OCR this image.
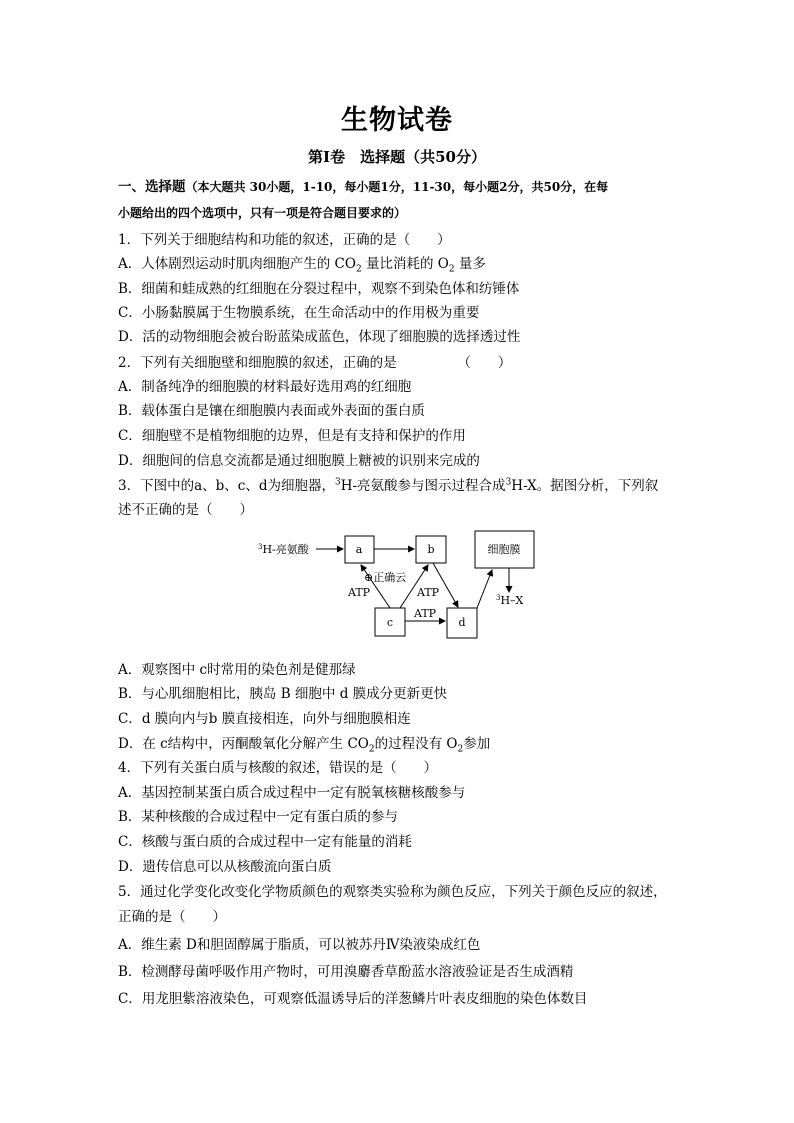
生物试卷
第Ⅰ卷　选择题（共50分）
一、选择题（本大题共 30小题，1-10，每小题1分，11-30，每小题2分，共50分，在每
小题给出的四个选项中，只有一项是符合题目要求的）
1．下列关于细胞结构和功能的叙述，正确的是（　　）
A．人体剧烈运动时肌肉细胞产生的 $CO_2$ 量比消耗的 $O_2$ 量多
B．细菌和蛙成熟的红细胞在分裂过程中，观察不到染色体和纺锤体
C．小肠黏膜属于生物膜系统，在生命活动中的作用极为重要
D．活的动物细胞会被台盼蓝染成蓝色，体现了细胞膜的选择透过性
2．下列有关细胞壁和细胞膜的叙述，正确的是　　　　　（　　）
A．制备纯净的细胞膜的材料最好选用鸡的红细胞
B．载体蛋白是镶在细胞膜内表面或外表面的蛋白质
C．细胞壁不是植物细胞的边界，但是有支持和保护的作用
D．细胞间的信息交流都是通过细胞膜上糖被的识别来完成的
3．下图中的a、b、c、d为细胞器，$^3$H-亮氨酸参与图示过程合成$^3$H-X。据图分析，下列叙
述不正确的是（　　）
$^3$H-亮氨酸	a	b	细胞膜
⊕正确云
ATP	ATP
c
ATP
d
$^3$H–X
A．观察图中 c时常用的染色剂是健那绿
B．与心肌细胞相比，胰岛 B 细胞中 d 膜成分更新更快
C．d 膜向内与b 膜直接相连，向外与细胞膜相连
D．在 c结构中，丙酮酸氧化分解产生 $CO_2$的过程没有 $O_2$参加
4．下列有关蛋白质与核酸的叙述，错误的是（　　）
A．基因控制某蛋白质合成过程中一定有脱氧核糖核酸参与
B．某种核酸的合成过程中一定有蛋白质的参与
C．核酸与蛋白质的合成过程中一定有能量的消耗
D．遗传信息可以从核酸流向蛋白质
5．通过化学变化改变化学物质颜色的观察类实验称为颜色反应，下列关于颜色反应的叙述，
正确的是（　　）
A．维生素 D和胆固醇属于脂质，可以被苏丹Ⅳ染液染成红色
B．检测酵母菌呼吸作用产物时，可用溴麝香草酚蓝水溶液验证是否生成酒精
C．用龙胆紫溶液染色，可观察低温诱导后的洋葱鳞片叶表皮细胞的染色体数目
